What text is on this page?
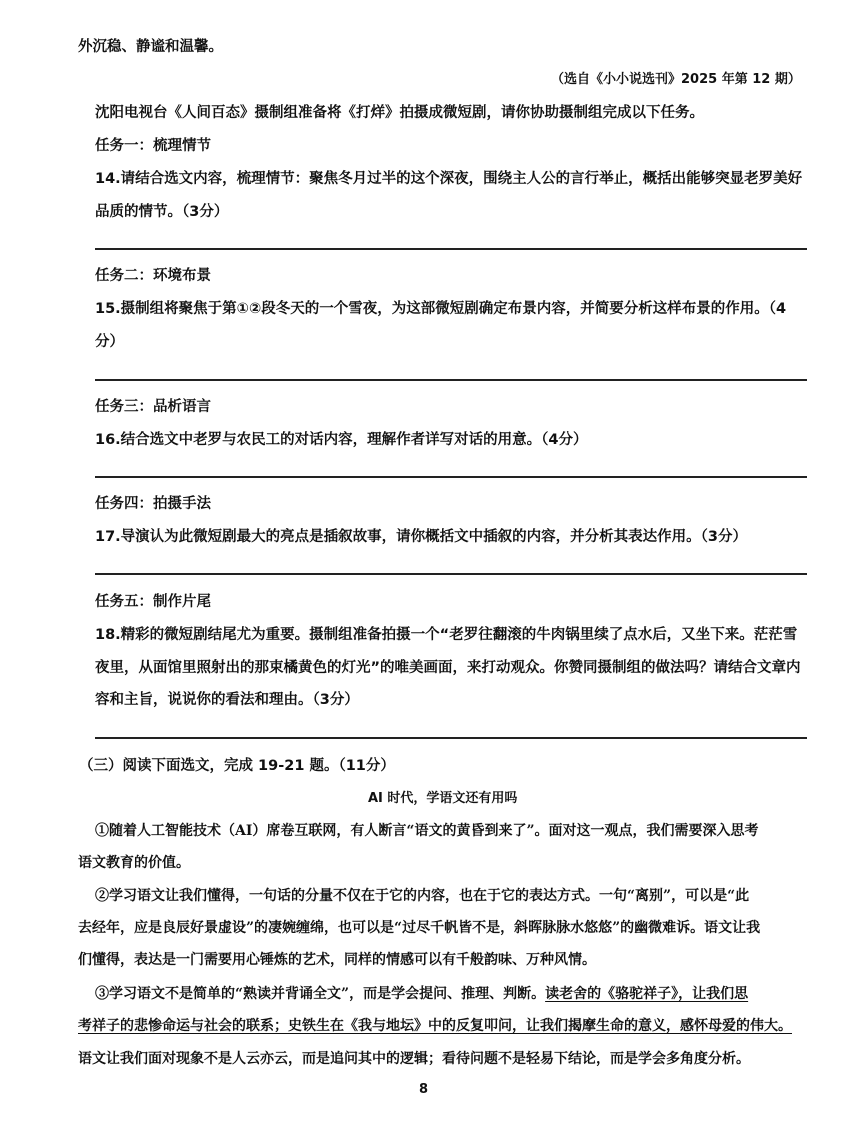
外沉稳、静谧和温馨。
（选自《小小说选刊》2025 年第 12 期）
沈阳电视台《人间百态》摄制组准备将《打烊》拍摄成微短剧，请你协助摄制组完成以下任务。
任务一：梳理情节
14.请结合选文内容，梳理情节：聚焦冬月过半的这个深夜，围绕主人公的言行举止，概括出能够突显老罗美好
品质的情节。（3分）
任务二：环境布景
15.摄制组将聚焦于第①②段冬天的一个雪夜，为这部微短剧确定布景内容，并简要分析这样布景的作用。（4
分）
任务三：品析语言
16.结合选文中老罗与农民工的对话内容，理解作者详写对话的用意。（4分）
任务四：拍摄手法
17.导演认为此微短剧最大的亮点是插叙故事，请你概括文中插叙的内容，并分析其表达作用。（3分）
任务五：制作片尾
18.精彩的微短剧结尾尤为重要。摄制组准备拍摄一个“老罗往翻滚的牛肉锅里续了点水后，又坐下来。茫茫雪
夜里，从面馆里照射出的那束橘黄色的灯光”的唯美画面，来打动观众。你赞同摄制组的做法吗？请结合文章内
容和主旨，说说你的看法和理由。（3分）
（三）阅读下面选文，完成 19-21 题。（11分）
AI 时代，学语文还有用吗
①随着人工智能技术（AI）席卷互联网，有人断言“语文的黄昏到来了”。面对这一观点，我们需要深入思考
语文教育的价值。
②学习语文让我们懂得，一句话的分量不仅在于它的内容，也在于它的表达方式。一句“离别”，可以是“此
去经年，应是良辰好景虚设”的凄婉缠绵，也可以是“过尽千帆皆不是，斜晖脉脉水悠悠”的幽微难诉。语文让我
们懂得，表达是一门需要用心锤炼的艺术，同样的情感可以有千般韵味、万种风情。
③学习语文不是简单的“熟读并背诵全文”，而是学会提问、推理、判断。读老舍的《骆驼祥子》，让我们思
考祥子的悲惨命运与社会的联系；史铁生在《我与地坛》中的反复叩问，让我们揭摩生命的意义，感怀母爱的伟大。
语文让我们面对现象不是人云亦云，而是追问其中的逻辑；看待问题不是轻易下结论，而是学会多角度分析。
8
